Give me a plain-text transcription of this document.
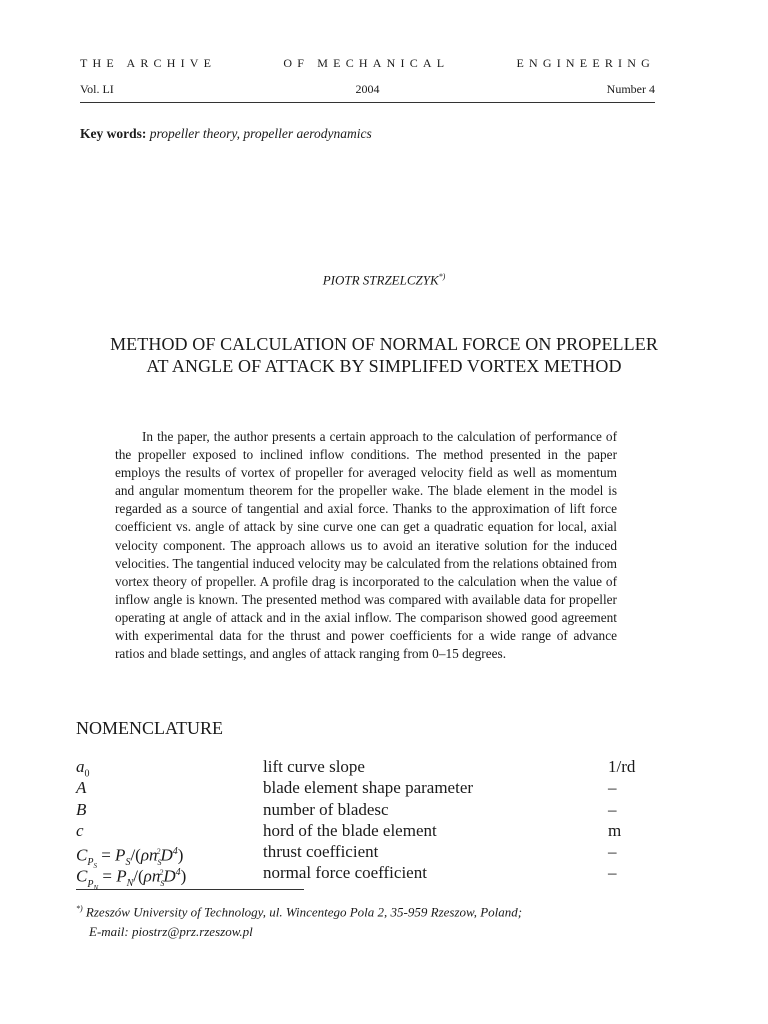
THE ARCHIVE	OF MECHANICAL	ENGINEERING
Vol. LI	2004	Number 4
Key words: propeller theory, propeller aerodynamics
PIOTR STRZELCZYK*)
METHOD OF CALCULATION OF NORMAL FORCE ON PROPELLER
AT ANGLE OF ATTACK BY SIMPLIFED VORTEX METHOD
In the paper, the author presents a certain approach to the calculation of performance of the propeller exposed to inclined inflow conditions. The method presented in the paper employs the results of vortex of propeller for averaged velocity field as well as momentum and angular momentum theorem for the propeller wake. The blade element in the model is regarded as a source of tangential and axial force. Thanks to the approximation of lift force coefficient vs. angle of attack by sine curve one can get a quadratic equation for local, axial velocity component. The approach allows us to avoid an iterative solution for the induced velocities. The tangential induced velocity may be calculated from the relations obtained from vortex theory of propeller. A profile drag is incorporated to the calculation when the value of inflow angle is known. The presented method was compared with available data for propeller operating at angle of attack and in the axial inflow. The comparison showed good agreement with experimental data for the thrust and power coefficients for a wide range of advance ratios and blade settings, and angles of attack ranging from 0–15 degrees.
NOMENCLATURE
$a_0$	lift curve slope	1/rd
A	blade element shape parameter	–
B	number of bladesc	–
c	hord of the blade element	m
$C_{P_S} = P_S/(\rho n_S^2D^4)$	thrust coefficient	–
$C_{P_N} = P_N/(\rho n_S^2D^4)$	normal force coefficient	–
*) Rzeszów University of Technology, ul. Wincentego Pola 2, 35-959 Rzeszow, Poland;
E-mail: piostrz@prz.rzeszow.pl
